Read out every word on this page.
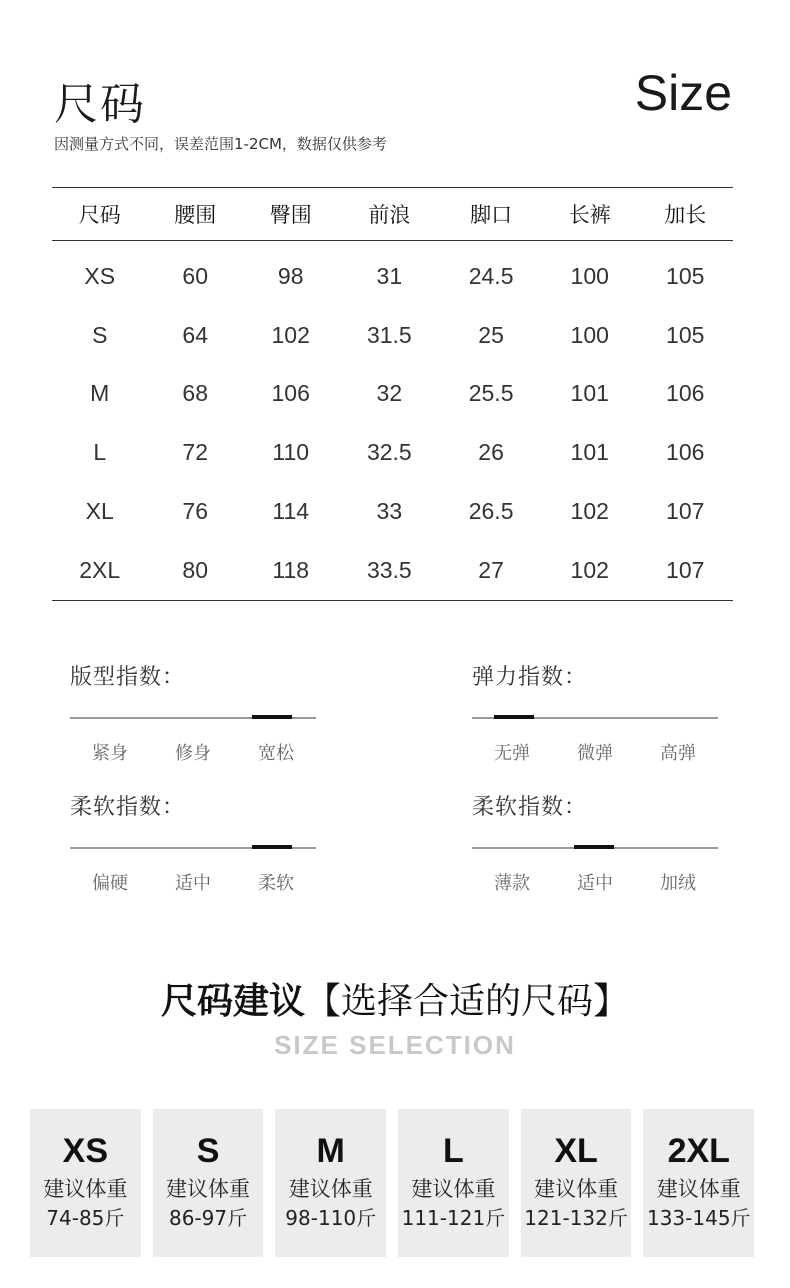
尺码	Size
因测量方式不同，误差范围1-2CM，数据仅供参考
尺码	腰围	臀围	前浪	脚口	长裤	加长
XS	60	98	31	24.5	100	105
S	64	102	31.5	25	100	105
M	68	106	32	25.5	101	106
L	72	110	32.5	26	101	106
XL	76	114	33	26.5	102	107
2XL	80	118	33.5	27	102	107
版型指数：
紧身	修身	宽松
弹力指数：
无弹	微弹	高弹
柔软指数：
偏硬	适中	柔软
柔软指数：
薄款	适中	加绒
尺码建议【选择合适的尺码】
SIZE SELECTION
XS
建议体重
74-85斤
S
建议体重
86-97斤
M
建议体重
98-110斤
L
建议体重
111-121斤
XL
建议体重
121-132斤
2XL
建议体重
133-145斤
